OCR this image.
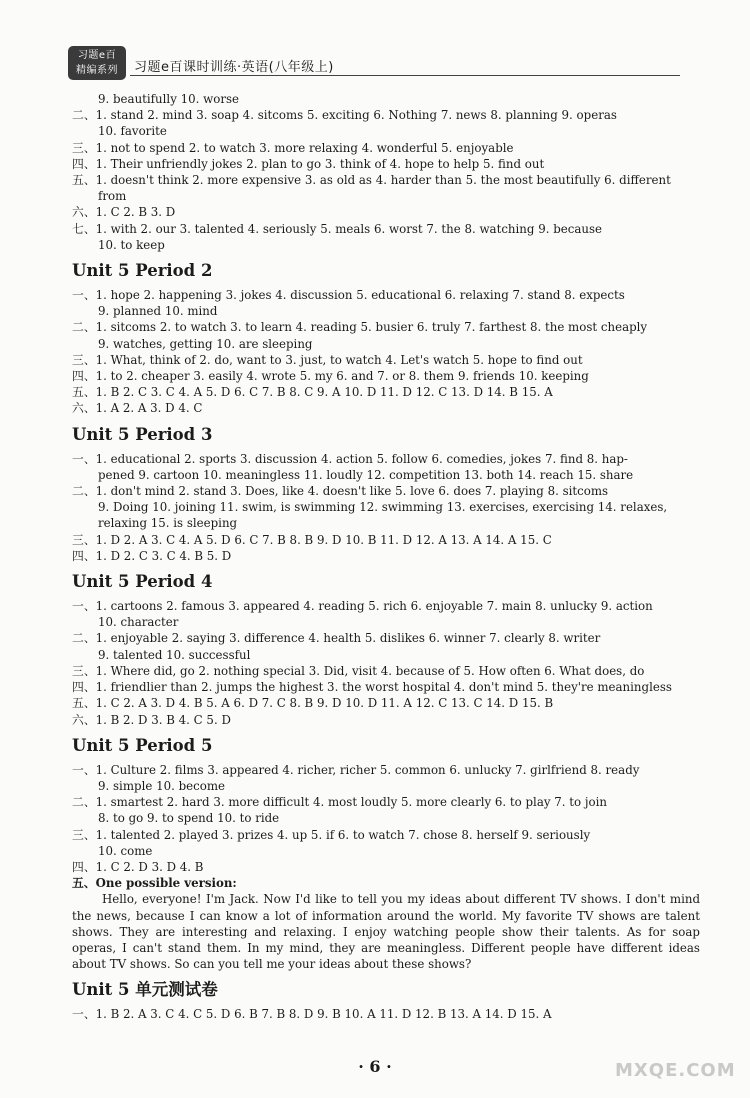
习题e百
精编系列	习题e百课时训练·英语(八年级上)
9. beautifully 10. worse
二、1. stand 2. mind 3. soap 4. sitcoms 5. exciting 6. Nothing 7. news 8. planning 9. operas
10. favorite
三、1. not to spend 2. to watch 3. more relaxing 4. wonderful 5. enjoyable
四、1. Their unfriendly jokes 2. plan to go 3. think of 4. hope to help 5. find out
五、1. doesn't think 2. more expensive 3. as old as 4. harder than 5. the most beautifully 6. different
from
六、1. C 2. B 3. D
七、1. with 2. our 3. talented 4. seriously 5. meals 6. worst 7. the 8. watching 9. because
10. to keep
Unit 5 Period 2
一、1. hope 2. happening 3. jokes 4. discussion 5. educational 6. relaxing 7. stand 8. expects
9. planned 10. mind
二、1. sitcoms 2. to watch 3. to learn 4. reading 5. busier 6. truly 7. farthest 8. the most cheaply
9. watches, getting 10. are sleeping
三、1. What, think of 2. do, want to 3. just, to watch 4. Let's watch 5. hope to find out
四、1. to 2. cheaper 3. easily 4. wrote 5. my 6. and 7. or 8. them 9. friends 10. keeping
五、1. B 2. C 3. C 4. A 5. D 6. C 7. B 8. C 9. A 10. D 11. D 12. C 13. D 14. B 15. A
六、1. A 2. A 3. D 4. C
Unit 5 Period 3
一、1. educational 2. sports 3. discussion 4. action 5. follow 6. comedies, jokes 7. find 8. hap-
pened 9. cartoon 10. meaningless 11. loudly 12. competition 13. both 14. reach 15. share
二、1. don't mind 2. stand 3. Does, like 4. doesn't like 5. love 6. does 7. playing 8. sitcoms
9. Doing 10. joining 11. swim, is swimming 12. swimming 13. exercises, exercising 14. relaxes,
relaxing 15. is sleeping
三、1. D 2. A 3. C 4. A 5. D 6. C 7. B 8. B 9. D 10. B 11. D 12. A 13. A 14. A 15. C
四、1. D 2. C 3. C 4. B 5. D
Unit 5 Period 4
一、1. cartoons 2. famous 3. appeared 4. reading 5. rich 6. enjoyable 7. main 8. unlucky 9. action
10. character
二、1. enjoyable 2. saying 3. difference 4. health 5. dislikes 6. winner 7. clearly 8. writer
9. talented 10. successful
三、1. Where did, go 2. nothing special 3. Did, visit 4. because of 5. How often 6. What does, do
四、1. friendlier than 2. jumps the highest 3. the worst hospital 4. don't mind 5. they're meaningless
五、1. C 2. A 3. D 4. B 5. A 6. D 7. C 8. B 9. D 10. D 11. A 12. C 13. C 14. D 15. B
六、1. B 2. D 3. B 4. C 5. D
Unit 5 Period 5
一、1. Culture 2. films 3. appeared 4. richer, richer 5. common 6. unlucky 7. girlfriend 8. ready
9. simple 10. become
二、1. smartest 2. hard 3. more difficult 4. most loudly 5. more clearly 6. to play 7. to join
8. to go 9. to spend 10. to ride
三、1. talented 2. played 3. prizes 4. up 5. if 6. to watch 7. chose 8. herself 9. seriously
10. come
四、1. C 2. D 3. D 4. B
五、One possible version:
Hello, everyone! I'm Jack. Now I'd like to tell you my ideas about different TV shows. I don't mind the news, because I can know a lot of information around the world. My favorite TV shows are talent shows. They are interesting and relaxing. I enjoy watching people show their talents. As for soap operas, I can't stand them. In my mind, they are meaningless. Different people have different ideas about TV shows. So can you tell me your ideas about these shows?
Unit 5 单元测试卷
一、1. B 2. A 3. C 4. C 5. D 6. B 7. B 8. D 9. B 10. A 11. D 12. B 13. A 14. D 15. A
· 6 ·	MXQE.COM
